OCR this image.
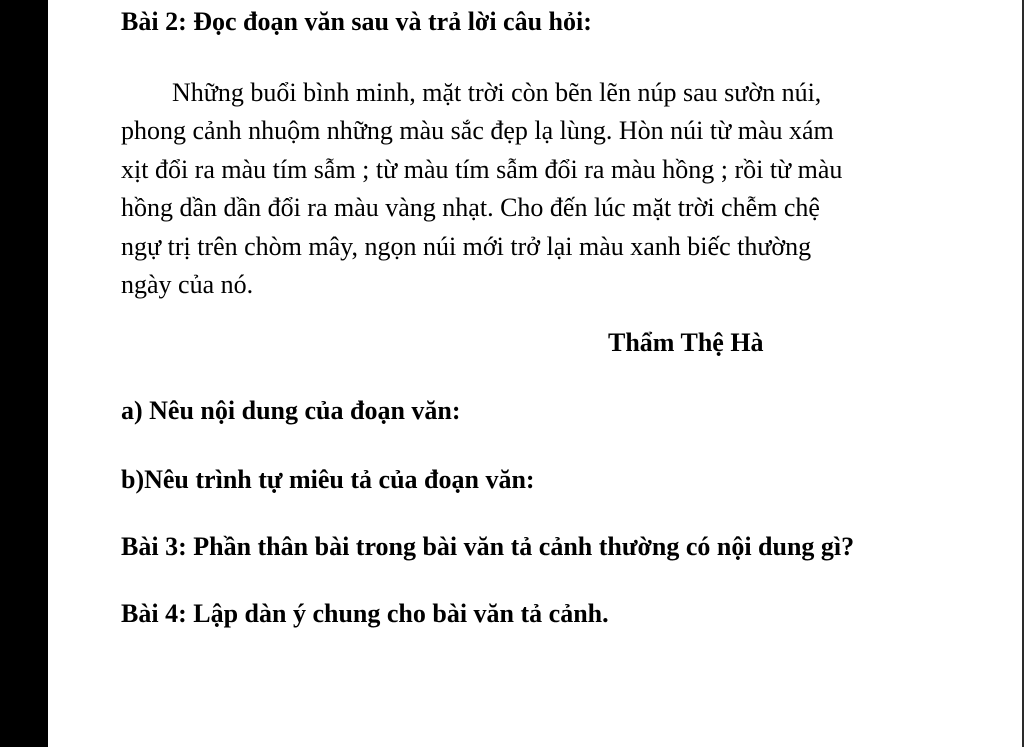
Bài 2: Đọc đoạn văn sau và trả lời câu hỏi:

Những buổi bình minh, mặt trời còn bẽn lẽn núp sau sườn núi,
phong cảnh nhuộm những màu sắc đẹp lạ lùng. Hòn núi từ màu xám
xịt đổi ra màu tím sẫm ; từ màu tím sẫm đổi ra màu hồng ; rồi từ màu
hồng dần dần đổi ra màu vàng nhạt. Cho đến lúc mặt trời chễm chệ
ngự trị trên chòm mây, ngọn núi mới trở lại màu xanh biếc thường
ngày của nó.

Thẩm Thệ Hà

a) Nêu nội dung của đoạn văn:

b)Nêu trình tự miêu tả của đoạn văn:

Bài 3: Phần thân bài trong bài văn tả cảnh thường có nội dung gì?

Bài 4: Lập dàn ý chung cho bài văn tả cảnh.
